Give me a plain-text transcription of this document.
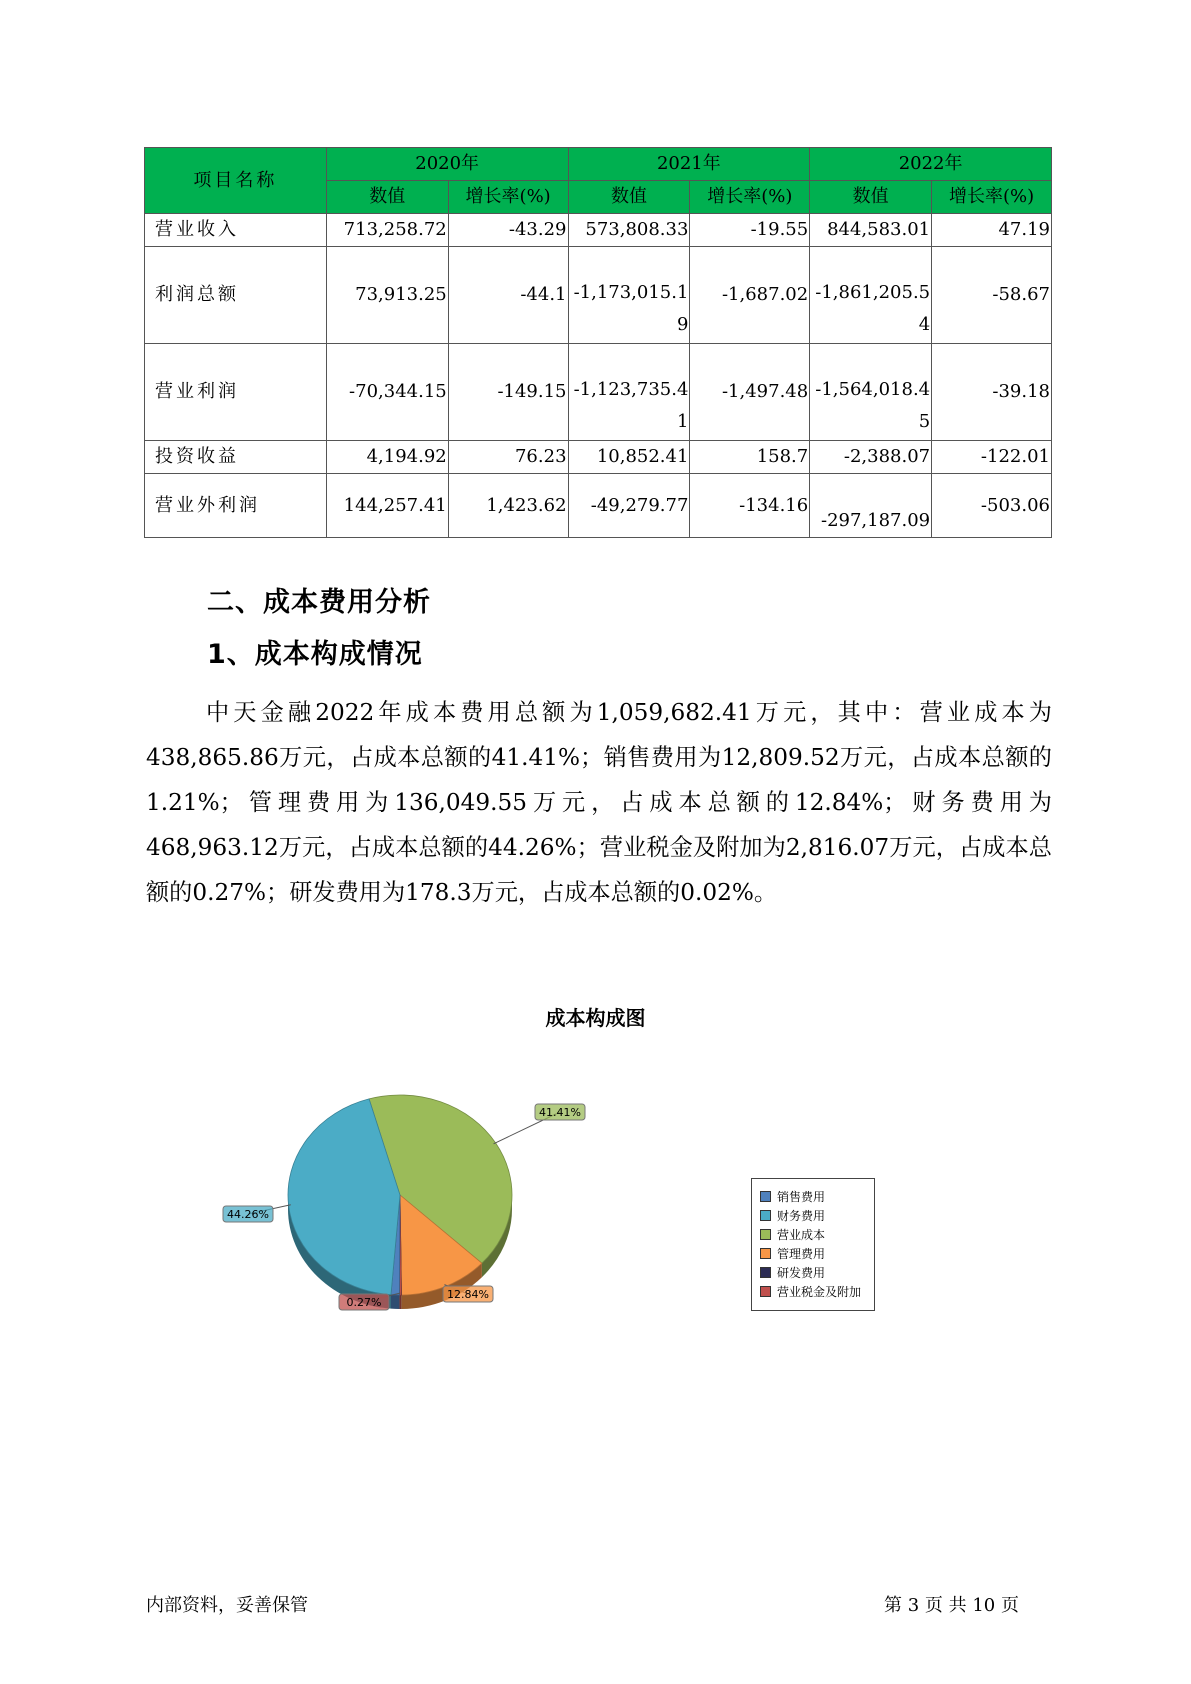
项目名称	2020年		2021年		2022年	
	数值	增长率(%)	数值	增长率(%)	数值	增长率(%)
营业收入	713,258.72	-43.29	573,808.33	-19.55	844,583.01	47.19
利润总额	73,913.25	-44.1	-1,173,015.19	-1,687.02	-1,861,205.54	-58.67
营业利润	-70,344.15	-149.15	-1,123,735.41	-1,497.48	-1,564,018.45	-39.18
投资收益	4,194.92	76.23	10,852.41	158.7	-2,388.07	-122.01
营业外利润	144,257.41	1,423.62	-49,279.77	-134.16	-297,187.09	-503.06
二、成本费用分析
1、成本构成情况
中天金融2022年成本费用总额为1,059,682.41万元，其中：营业成本为438,865.86万元，占成本总额的41.41%；销售费用为12,809.52万元，占成本总额的1.21%；管理费用为136,049.55万元，占成本总额的12.84%；财务费用为468,963.12万元，占成本总额的44.26%；营业税金及附加为2,816.07万元，占成本总额的0.27%；研发费用为178.3万元，占成本总额的0.02%。
成本构成图
41.41%
12.84%
0.27%
44.26%
销售费用
财务费用
营业成本
管理费用
研发费用
营业税金及附加
内部资料，妥善保管	第 3 页 共 10 页
